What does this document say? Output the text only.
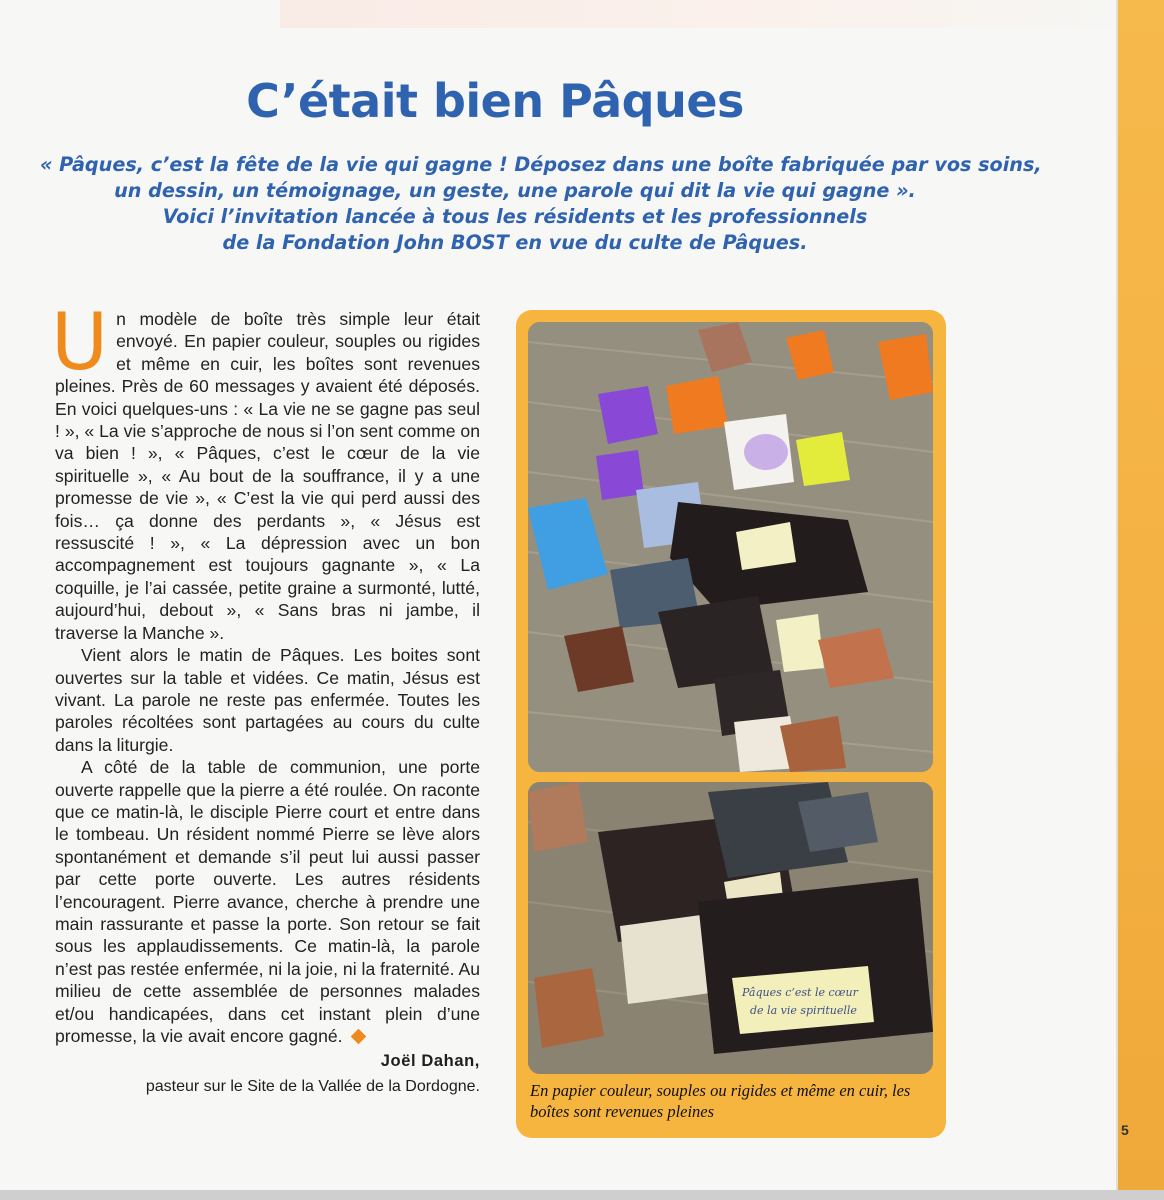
C’était bien Pâques
« Pâques, c’est la fête de la vie qui gagne ! Déposez dans une boîte fabriquée par vos soins,
un dessin, un témoignage, un geste, une parole qui dit la vie qui gagne ».
Voici l’invitation lancée à tous les résidents et les professionnels
de la Fondation John BOST en vue du culte de Pâques.

Un modèle de boîte très simple leur était envoyé. En papier couleur, souples ou rigides et même en cuir, les boîtes sont revenues pleines. Près de 60 messages y avaient été déposés. En voici quelques-uns : « La vie ne se gagne pas seul ! », « La vie s’approche de nous si l’on sent comme on va bien ! », « Pâques, c’est le cœur de la vie spirituelle », « Au bout de la souffrance, il y a une promesse de vie », « C’est la vie qui perd aussi des fois… ça donne des perdants », « Jésus est ressuscité ! », « La dépression avec un bon accompagnement est toujours gagnante », « La coquille, je l’ai cassée, petite graine a surmonté, lutté, aujourd’hui, debout », « Sans bras ni jambe, il traverse la Manche ».

Vient alors le matin de Pâques. Les boites sont ouvertes sur la table et vidées. Ce matin, Jésus est vivant. La parole ne reste pas enfermée. Toutes les paroles récoltées sont partagées au cours du culte dans la liturgie.

A côté de la table de communion, une porte ouverte rappelle que la pierre a été roulée. On raconte que ce matin-là, le disciple Pierre court et entre dans le tombeau. Un résident nommé Pierre se lève alors spontanément et demande s’il peut lui aussi passer par cette porte ouverte. Les autres résidents l’encouragent. Pierre avance, cherche à prendre une main rassurante et passe la porte. Son retour se fait sous les applaudissements. Ce matin-là, la parole n’est pas restée enfermée, ni la joie, ni la fraternité. Au milieu de cette assemblée de personnes malades et/ou handicapées, dans cet instant plein d’une promesse, la vie avait encore gagné.

Joël Dahan,
pasteur sur le Site de la Vallée de la Dordogne.
Pâques c’est le cœur
de la vie spirituelle
En papier couleur, souples ou rigides et même en cuir, les boîtes sont revenues pleines
5
